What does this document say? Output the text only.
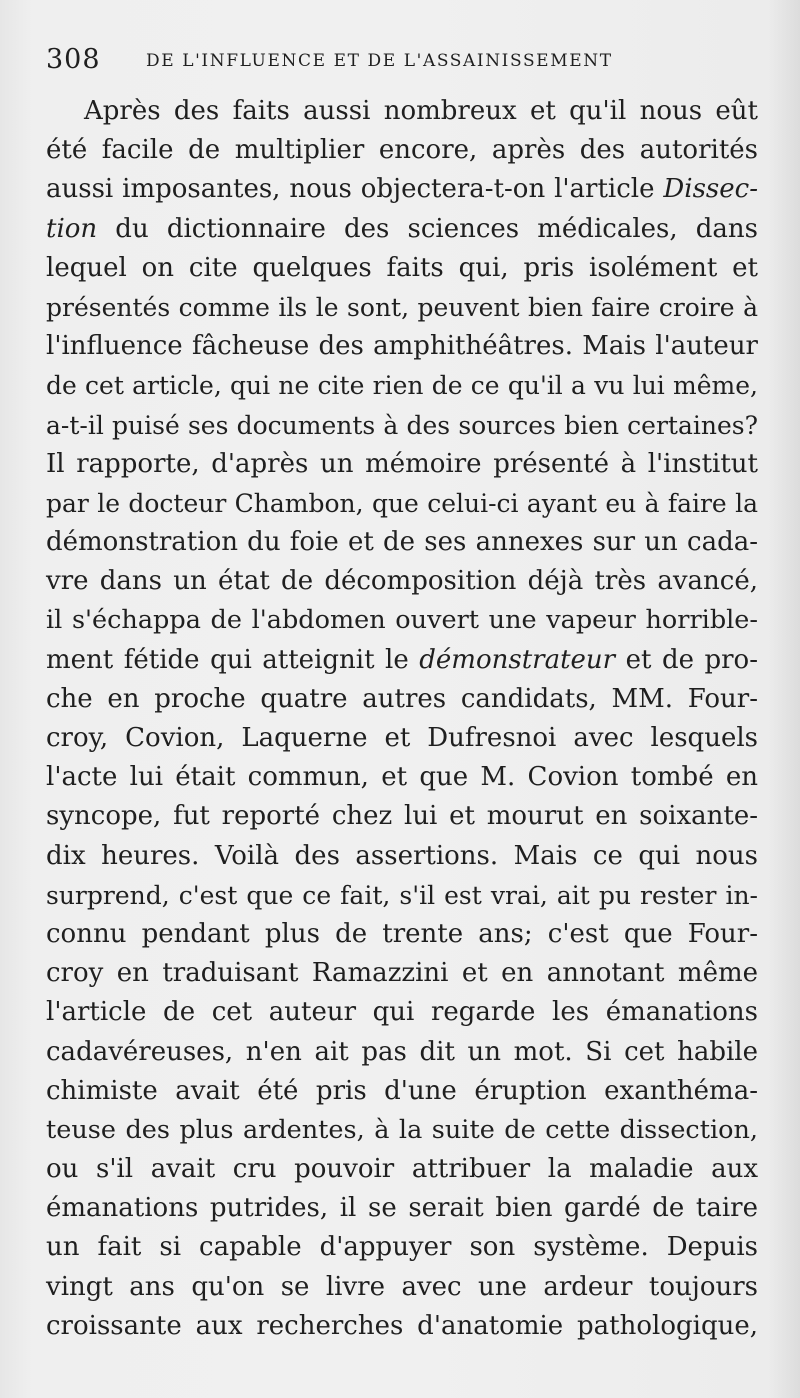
308	DE L'INFLUENCE ET DE L'ASSAINISSEMENT
Après des faits aussi nombreux et qu'il nous eût
été facile de multiplier encore, après des autorités
aussi imposantes, nous objectera-t-on l'article Dissec-
tion du dictionnaire des sciences médicales, dans
lequel on cite quelques faits qui, pris isolément et
présentés comme ils le sont, peuvent bien faire croire à
l'influence fâcheuse des amphithéâtres. Mais l'auteur
de cet article, qui ne cite rien de ce qu'il a vu lui même,
a-t-il puisé ses documents à des sources bien certaines?
Il rapporte, d'après un mémoire présenté à l'institut
par le docteur Chambon, que celui-ci ayant eu à faire la
démonstration du foie et de ses annexes sur un cada-
vre dans un état de décomposition déjà très avancé,
il s'échappa de l'abdomen ouvert une vapeur horrible-
ment fétide qui atteignit le démonstrateur et de pro-
che en proche quatre autres candidats, MM. Four-
croy, Covion, Laquerne et Dufresnoi avec lesquels
l'acte lui était commun, et que M. Covion tombé en
syncope, fut reporté chez lui et mourut en soixante-
dix heures. Voilà des assertions. Mais ce qui nous
surprend, c'est que ce fait, s'il est vrai, ait pu rester in-
connu pendant plus de trente ans; c'est que Four-
croy en traduisant Ramazzini et en annotant même
l'article de cet auteur qui regarde les émanations
cadavéreuses, n'en ait pas dit un mot. Si cet habile
chimiste avait été pris d'une éruption exanthéma-
teuse des plus ardentes, à la suite de cette dissection,
ou s'il avait cru pouvoir attribuer la maladie aux
émanations putrides, il se serait bien gardé de taire
un fait si capable d'appuyer son système. Depuis
vingt ans qu'on se livre avec une ardeur toujours
croissante aux recherches d'anatomie pathologique,
